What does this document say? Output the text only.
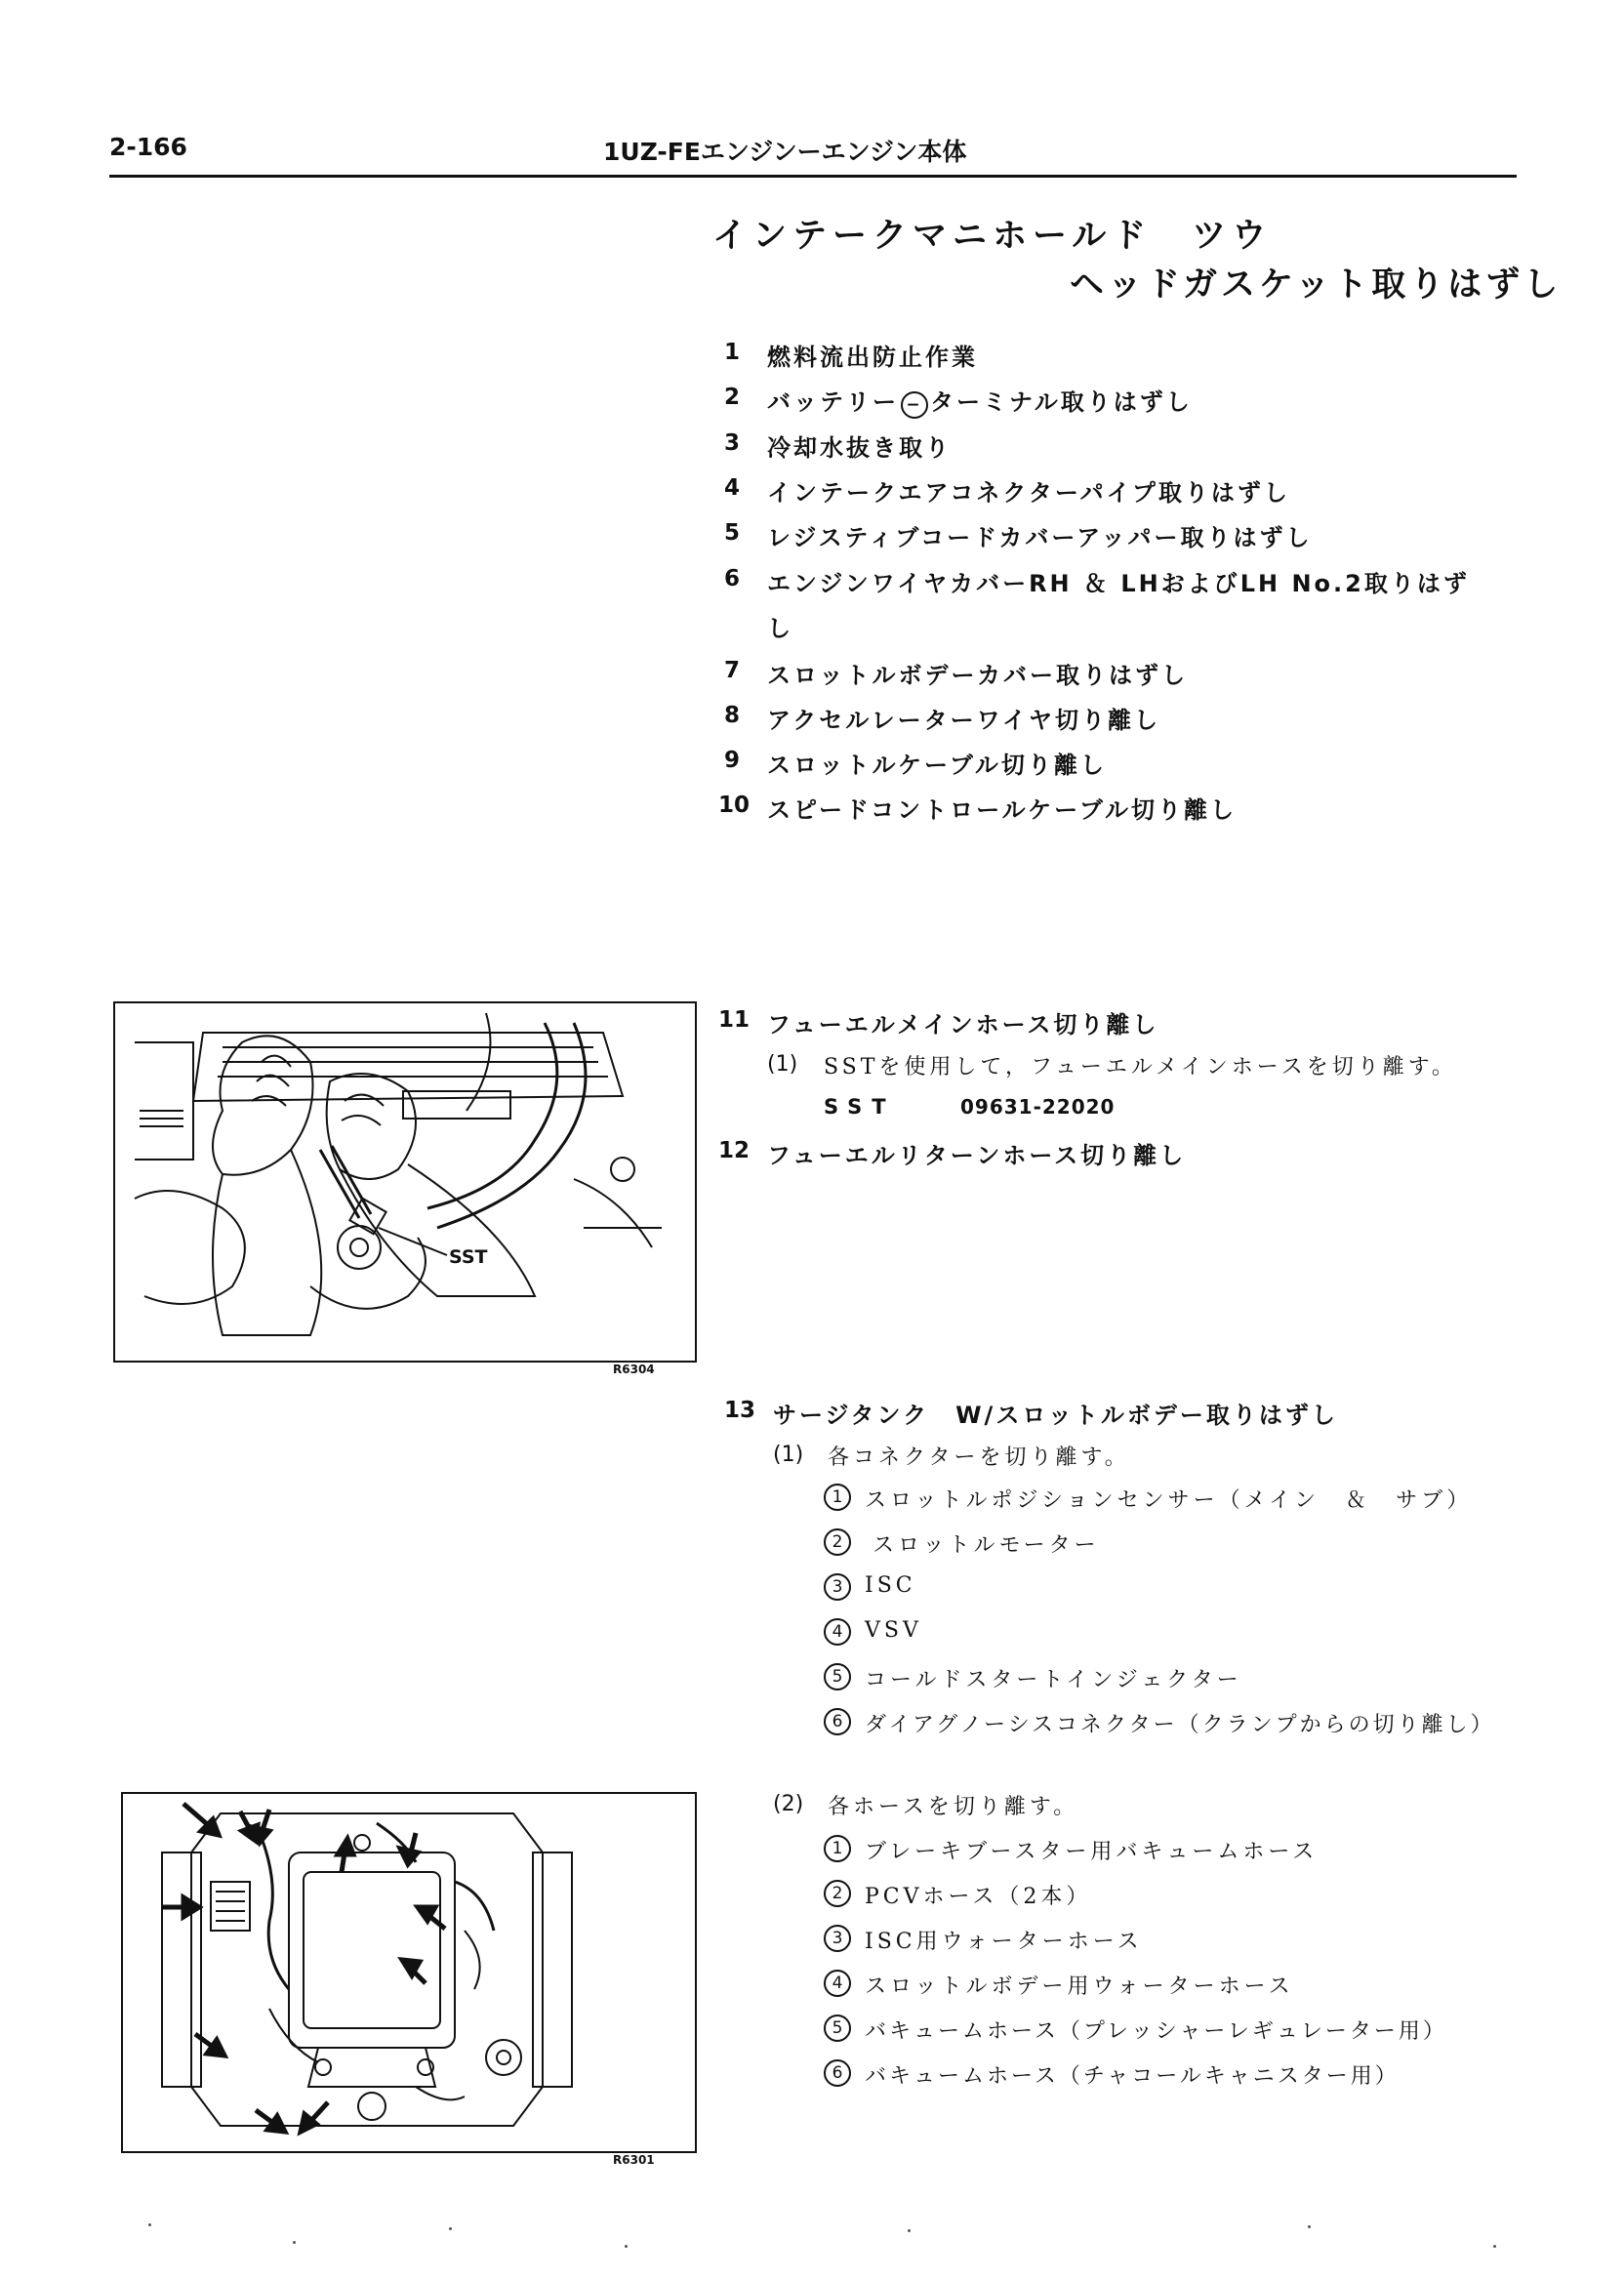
2-166	1UZ-FEエンジンーエンジン本体
インテークマニホールド　ツウ
ヘッドガスケット取りはずし
1 燃料流出防止作業
2 バッテリー − ターミナル取りはずし
3 冷却水抜き取り
4 インテークエアコネクターパイプ取りはずし
5 レジスティブコードカバーアッパー取りはずし
6 エンジンワイヤカバーRH ＆ LHおよびLH No.2取りはず
し
7 スロットルボデーカバー取りはずし
8 アクセルレーターワイヤ切り離し
9 スロットルケーブル切り離し
10 スピードコントロールケーブル切り離し
11 フューエルメインホース切り離し
(1) SSTを使用して，フューエルメインホースを切り離す。
SST	09631-22020
12 フューエルリターンホース切り離し
13 サージタンク　W/スロットルボデー取りはずし
(1) 各コネクターを切り離す。
1	スロットルポジションセンサー（メイン　＆　サブ）
2	スロットルモーター
3	ISC
4	VSV
5	コールドスタートインジェクター
6	ダイアグノーシスコネクター（クランプからの切り離し）
(2) 各ホースを切り離す。
1	ブレーキブースター用バキュームホース
2	PCVホース（2本）
3	ISC用ウォーターホース
4	スロットルボデー用ウォーターホース
5	バキュームホース（プレッシャーレギュレーター用）
6	バキュームホース（チャコールキャニスター用）
SST
R6304
R6301
